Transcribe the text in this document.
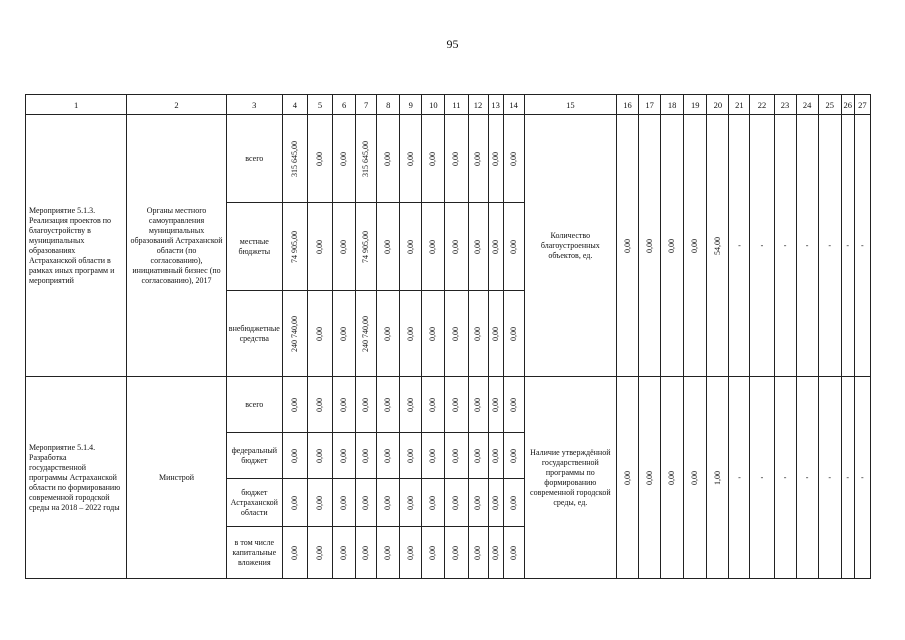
95
1	2	3	4	5	6	7	8	9	10	11	12	13	14	15	16	17	18	19	20	21	22	23	24	25	26	27
Мероприятие 5.1.3. Реализация проектов по благоустройству в муниципальных образованиях Астраханской области в рамках иных программ и мероприятий	Органы местного самоуправления муниципальных образований Астраханской области (по согласованию), инициативный бизнес (по согласованию), 2017	всего	315 645,00	0,00	0,00	315 645,00	0,00	0,00	0,00	0,00	0,00	0,00	0,00	Количество благоустроенных объектов, ед.	0,00	0,00	0,00	0,00	54,00	-	-	-	-	-	-	-
		местные бюджеты	74 905,00	0,00	0,00	74 905,00	0,00	0,00	0,00	0,00	0,00	0,00	0,00													

		внебюджетные средства	240 740,00	0,00	0,00	240 740,00	0,00	0,00	0,00	0,00	0,00	0,00	0,00													

Мероприятие 5.1.4. Разработка государственной программы Астраханской области по формированию современной городской среды на 2018 – 2022 годы	Минстрой	всего	0,00	0,00	0,00	0,00	0,00	0,00	0,00	0,00	0,00	0,00	0,00	Наличие утверждённой государственной программы по формированию современной городской среды, ед.	0,00	0,00	0,00	0,00	1,00	-	-	-	-	-	-	-
		федеральный бюджет	0,00	0,00	0,00	0,00	0,00	0,00	0,00	0,00	0,00	0,00	0,00													

		бюджет Астраханской области	0,00	0,00	0,00	0,00	0,00	0,00	0,00	0,00	0,00	0,00	0,00													

		в том числе капитальные вложения	0,00	0,00	0,00	0,00	0,00	0,00	0,00	0,00	0,00	0,00	0,00													
